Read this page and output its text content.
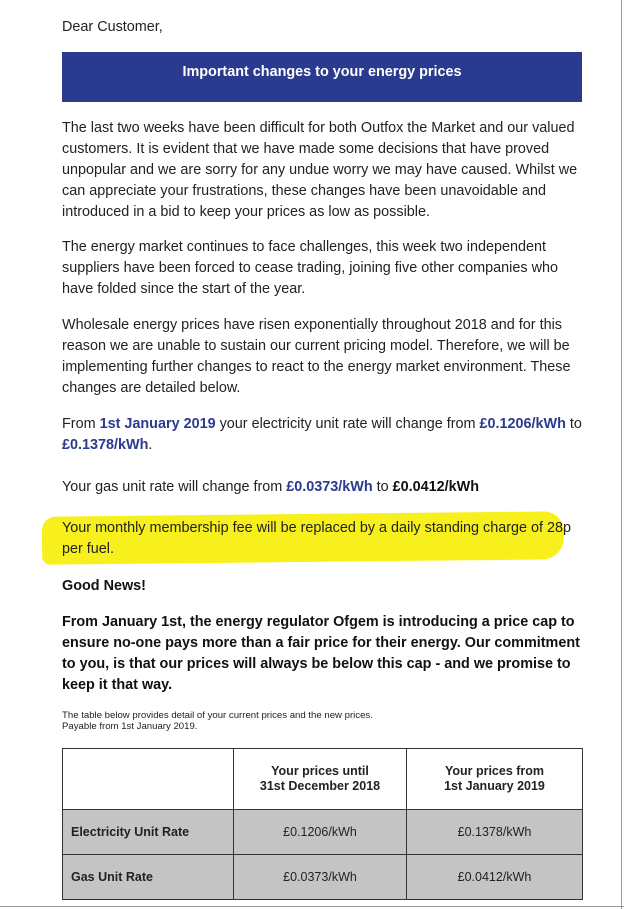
Dear Customer,

Important changes to your energy prices

The last two weeks have been difficult for both Outfox the Market and our valued customers. It is evident that we have made some decisions that have proved unpopular and we are sorry for any undue worry we may have caused. Whilst we can appreciate your frustrations, these changes have been unavoidable and introduced in a bid to keep your prices as low as possible.

The energy market continues to face challenges, this week two independent suppliers have been forced to cease trading, joining five other companies who have folded since the start of the year.

Wholesale energy prices have risen exponentially throughout 2018 and for this reason we are unable to sustain our current pricing model. Therefore, we will be implementing further changes to react to the energy market environment. These changes are detailed below.

From 1st January 2019 your electricity unit rate will change from £0.1206/kWh to £0.1378/kWh.

Your gas unit rate will change from £0.0373/kWh to £0.0412/kWh

Your monthly membership fee will be replaced by a daily standing charge of 28p per fuel.

Good News!

From January 1st, the energy regulator Ofgem is introducing a price cap to ensure no-one pays more than a fair price for their energy. Our commitment to you, is that our prices will always be below this cap - and we promise to keep it that way.

The table below provides detail of your current prices and the new prices.
Payable from 1st January 2019.

	Your prices until
31st December 2018	Your prices from
1st January 2019
Electricity Unit Rate	£0.1206/kWh	£0.1378/kWh
Gas Unit Rate	£0.0373/kWh	£0.0412/kWh
